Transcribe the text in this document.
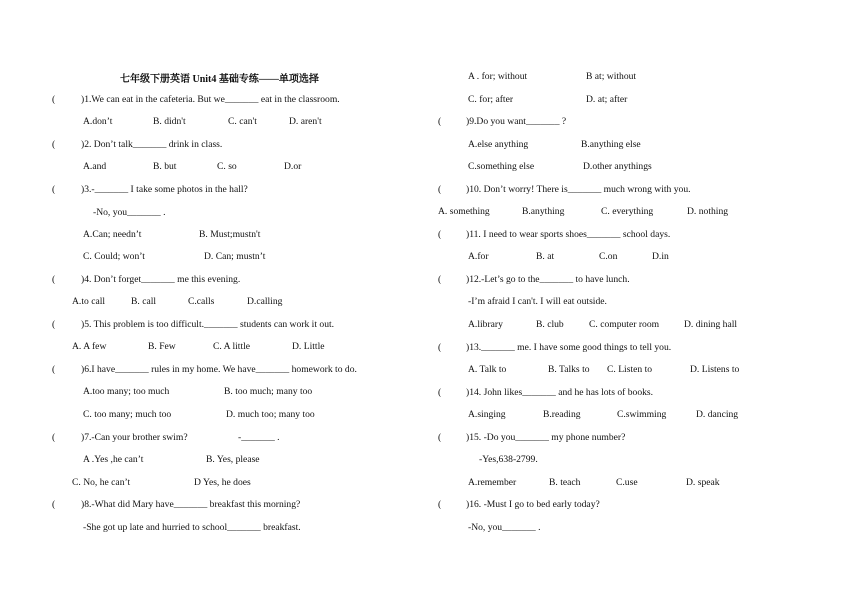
七年级下册英语 Unit4 基础专练——单项选择
(	)1.We can eat in the cafeteria. But we_______ eat in the classroom.
A.don’t	B. didn't	C. can't	D. aren't
(	)2. Don’t talk_______ drink in class.
A.and	B. but	C. so	D.or
(	)3.-_______ I take some photos in the hall?
-No, you_______ .
A.Can; needn’t	B. Must;mustn't
C. Could; won’t	D. Can; mustn’t
(	)4. Don’t forget_______ me this evening.
A.to call	B. call	C.calls	D.calling
(	)5. This problem is too difficult._______ students can work it out.
A. A few	B. Few	C. A little	D. Little
(	)6.I have_______ rules in my home. We have_______ homework to do.
A.too many; too much	B. too much; many too
C. too many; much too	D. much too; many too
(	)7.-Can your brother swim?	-_______ .
A .Yes ,he can’t	B. Yes, please
C. No, he can’t	D Yes, he does
(	)8.-What did Mary have_______ breakfast this morning?
-She got up late and hurried to school_______ breakfast.
A . for; without	B at; without
C. for; after	D. at; after
(	)9.Do you want_______ ?
A.else anything	B.anything else
C.something else	D.other anythings
(	)10. Don’t worry! There is_______ much wrong with you.
A. something	B.anything	C. everything	D. nothing
(	)11. I need to wear sports shoes_______ school days.
A.for	B. at	C.on	D.in
(	)12.-Let’s go to the_______ to have lunch.
-I’m afraid I can't. I will eat outside.
A.library	B. club	C. computer room	D. dining hall
(	)13._______ me. I have some good things to tell you.
A. Talk to	B. Talks to C. Listen to	D. Listens to
(	)14. John likes_______ and he has lots of books.
A.singing	B.reading	C.swimming	D. dancing
(	)15. -Do you_______ my phone number?
-Yes,638-2799.
A.remember	B. teach	C.use	D. speak
(	)16. -Must I go to bed early today?
-No, you_______ .
